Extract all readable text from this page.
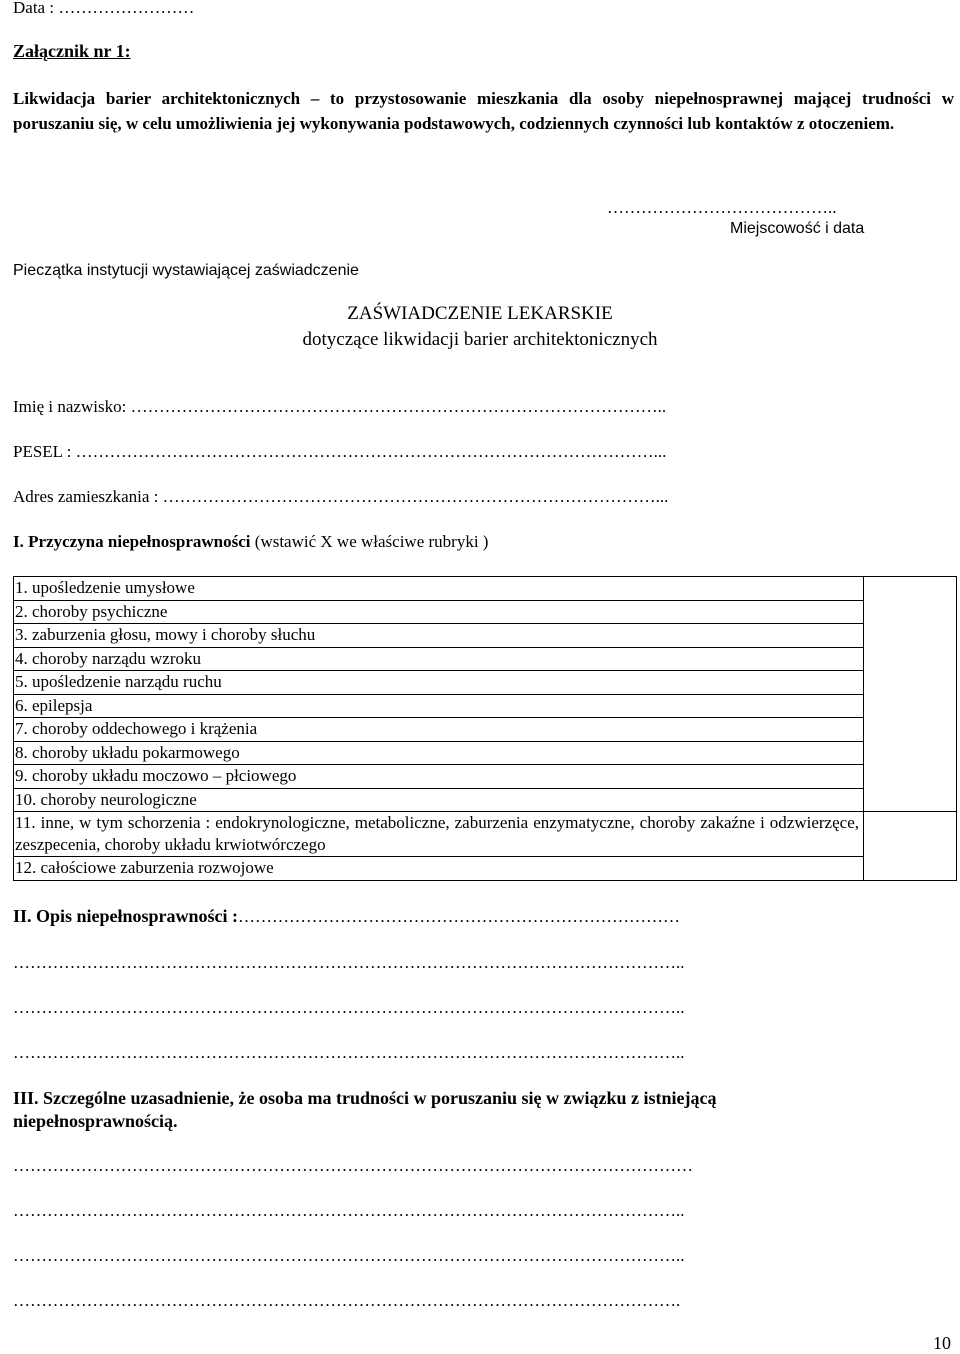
Data : ……………………
Załącznik nr 1:
Likwidacja barier architektonicznych – to przystosowanie mieszkania dla osoby niepełnosprawnej mającej trudności w poruszaniu się, w celu umożliwienia jej wykonywania podstawowych, codziennych czynności lub kontaktów z otoczeniem.
…………………………………..
Miejscowość i data
Pieczątka instytucji wystawiającej zaświadczenie
ZAŚWIADCZENIE LEKARSKIE
dotyczące likwidacji barier architektonicznych
Imię i nazwisko: …………………………………………………………………………………..
PESEL : …………………………………………………………………………………………...
Adres zamieszkania : ……………………………………………………………………………...
I. Przyczyna niepełnosprawności (wstawić X we właściwe rubryki )
1. upośledzenie umysłowe	
2. choroby psychiczne	
3. zaburzenia głosu, mowy i choroby słuchu	
4. choroby narządu wzroku	
5. upośledzenie narządu ruchu	
6. epilepsja	
7. choroby oddechowego i krążenia	
8. choroby układu pokarmowego	
9. choroby układu moczowo – płciowego	
10. choroby neurologiczne	
11. inne, w tym schorzenia : endokrynologiczne, metaboliczne, zaburzenia enzymatyczne, choroby zakaźne i odzwierzęce, zeszpecenia, choroby układu krwiotwórczego	
12. całościowe zaburzenia rozwojowe	
II. Opis niepełnosprawności :……………………………………………………………………
………………………………………………………………………………………………………..
………………………………………………………………………………………………………..
………………………………………………………………………………………………………..
III. Szczególne uzasadnienie, że osoba ma trudności w poruszaniu się w związku z istniejącą
niepełnosprawnością.
…………………………………………………………………………………………………………
………………………………………………………………………………………………………..
………………………………………………………………………………………………………..
……………………………………………………………………………………………………….
10
